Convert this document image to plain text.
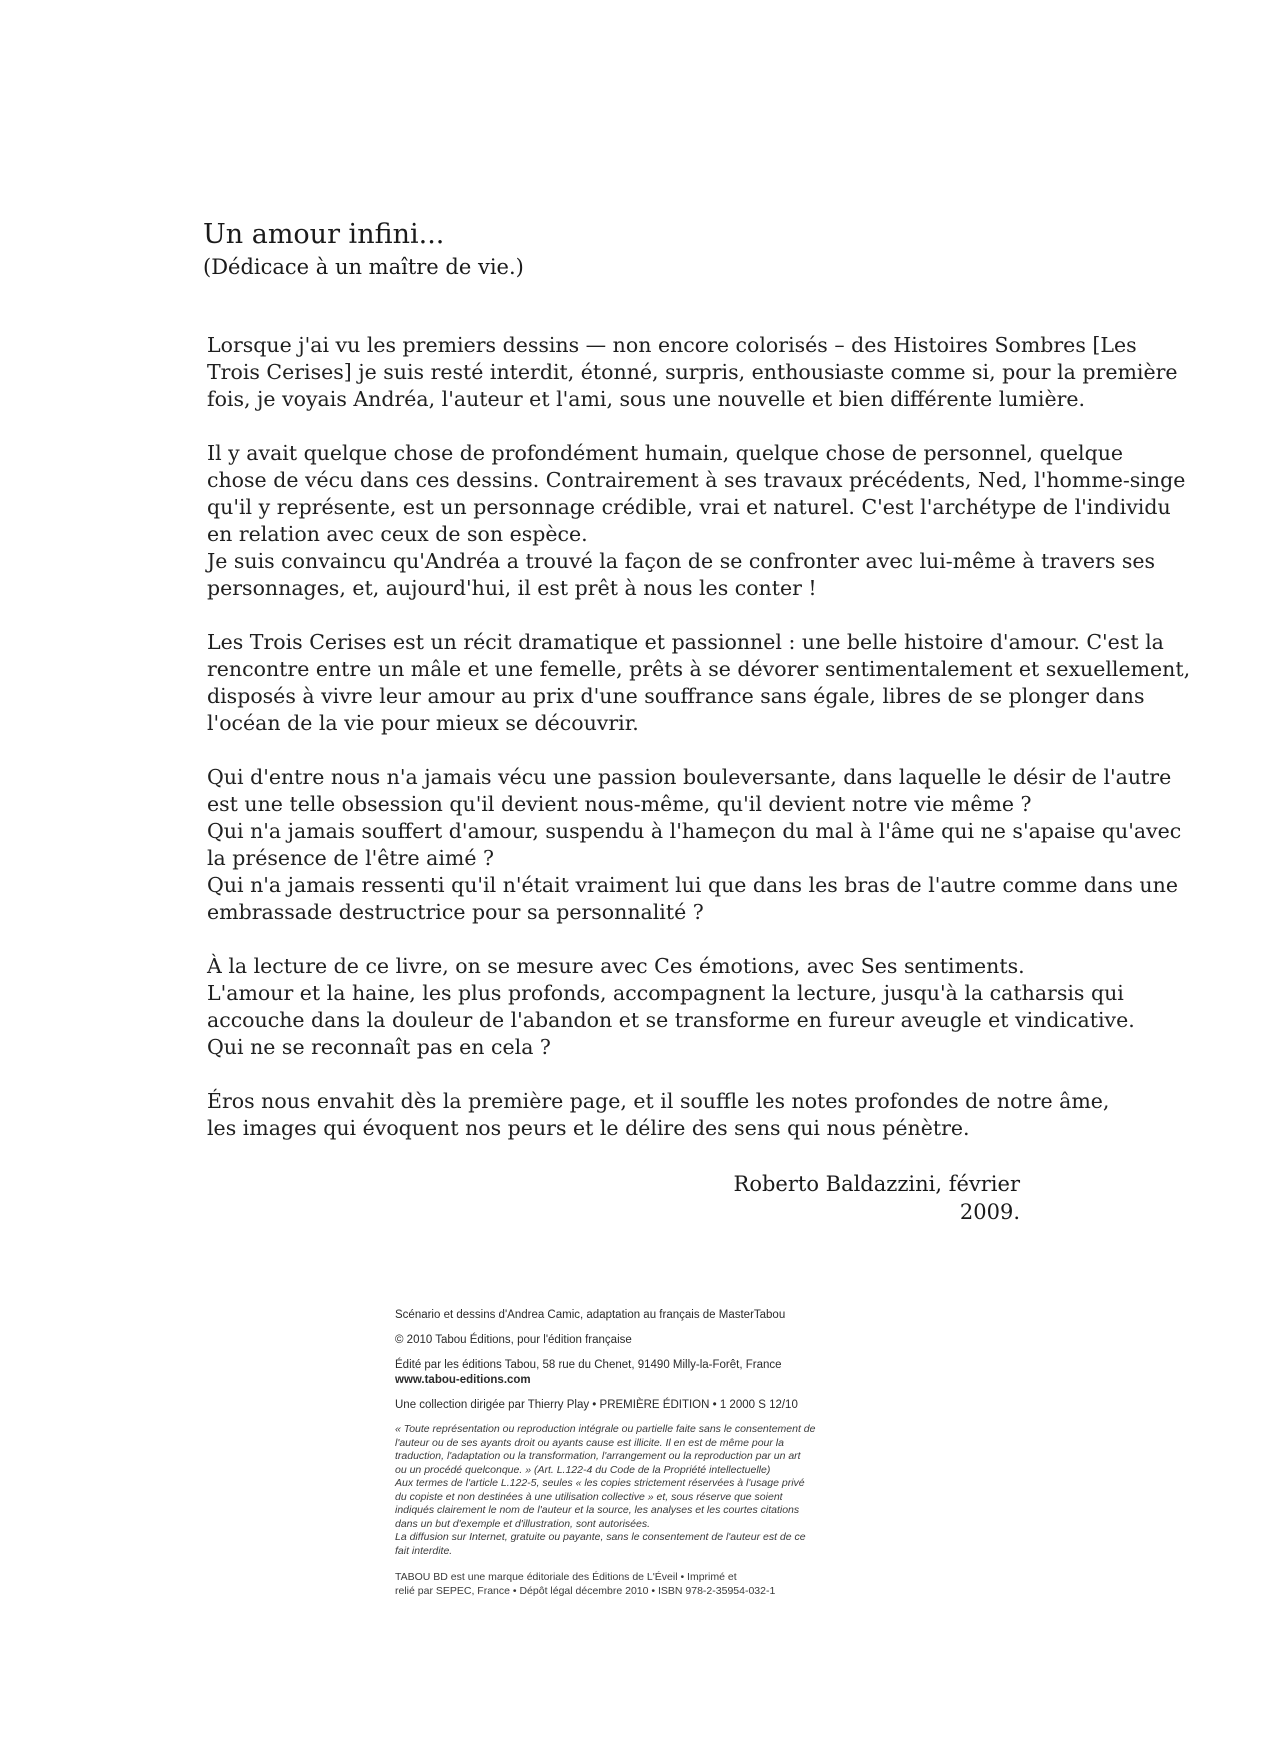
Un amour infini...
(Dédicace à un maître de vie.)

Lorsque j'ai vu les premiers dessins — non encore colorisés – des Histoires Sombres [Les
Trois Cerises] je suis resté interdit, étonné, surpris, enthousiaste comme si, pour la première
fois, je voyais Andréa, l'auteur et l'ami, sous une nouvelle et bien différente lumière.

Il y avait quelque chose de profondément humain, quelque chose de personnel, quelque
chose de vécu dans ces dessins. Contrairement à ses travaux précédents, Ned, l'homme-singe
qu'il y représente, est un personnage crédible, vrai et naturel. C'est l'archétype de l'individu
en relation avec ceux de son espèce.
Je suis convaincu qu'Andréa a trouvé la façon de se confronter avec lui-même à travers ses
personnages, et, aujourd'hui, il est prêt à nous les conter !

Les Trois Cerises est un récit dramatique et passionnel : une belle histoire d'amour. C'est la
rencontre entre un mâle et une femelle, prêts à se dévorer sentimentalement et sexuellement,
disposés à vivre leur amour au prix d'une souffrance sans égale, libres de se plonger dans
l'océan de la vie pour mieux se découvrir.

Qui d'entre nous n'a jamais vécu une passion bouleversante, dans laquelle le désir de l'autre
est une telle obsession qu'il devient nous-même, qu'il devient notre vie même ?
Qui n'a jamais souffert d'amour, suspendu à l'hameçon du mal à l'âme qui ne s'apaise qu'avec
la présence de l'être aimé ?
Qui n'a jamais ressenti qu'il n'était vraiment lui que dans les bras de l'autre comme dans une
embrassade destructrice pour sa personnalité ?

À la lecture de ce livre, on se mesure avec Ces émotions, avec Ses sentiments.
L'amour et la haine, les plus profonds, accompagnent la lecture, jusqu'à la catharsis qui
accouche dans la douleur de l'abandon et se transforme en fureur aveugle et vindicative.
Qui ne se reconnaît pas en cela ?

Éros nous envahit dès la première page, et il souffle les notes profondes de notre âme,
les images qui évoquent nos peurs et le délire des sens qui nous pénètre.

Roberto Baldazzini, février 2009.
Scénario et dessins d'Andrea Camic, adaptation au français de MasterTabou
© 2010 Tabou Éditions, pour l'édition française
Édité par les éditions Tabou, 58 rue du Chenet, 91490 Milly-la-Forêt, France
www.tabou-editions.com
Une collection dirigée par Thierry Play • PREMIÈRE ÉDITION • 1 2000 S 12/10
« Toute représentation ou reproduction intégrale ou partielle faite sans le consentement de
l'auteur ou de ses ayants droit ou ayants cause est illicite. Il en est de même pour la
traduction, l'adaptation ou la transformation, l'arrangement ou la reproduction par un art
ou un procédé quelconque. » (Art. L.122-4 du Code de la Propriété intellectuelle)
Aux termes de l'article L.122-5, seules « les copies strictement réservées à l'usage privé
du copiste et non destinées à une utilisation collective » et, sous réserve que soient
indiqués clairement le nom de l'auteur et la source, les analyses et les courtes citations
dans un but d'exemple et d'illustration, sont autorisées.
La diffusion sur Internet, gratuite ou payante, sans le consentement de l'auteur est de ce
fait interdite.
TABOU BD est une marque éditoriale des Éditions de L'Éveil • Imprimé et
relié par SEPEC, France • Dépôt légal décembre 2010 • ISBN 978-2-35954-032-1
